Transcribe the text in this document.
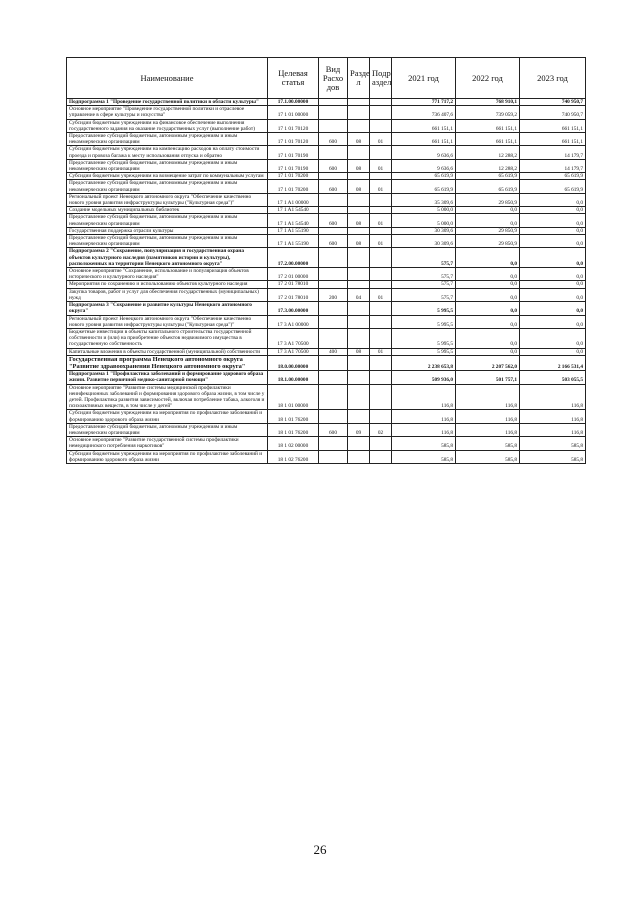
Наименование	Целевая статья	Вид Расхо дов	Разде л	Подр аздел	2021 год	2022 год	2023 год
Подпрограмма 1 "Проведение государственной политики в области культуры"	17.1.00.00000				771 717,2	768 910,1	740 950,7
Основное мероприятие "Проведение государственной политики и отраслевое управление в сфере культуры и искусства"	17 1 01 00000				736 407,6	739 059,2	740 950,7
Субсидии бюджетным учреждениям на финансовое обеспечение выполнения государственного задания на оказание государственных услуг (выполнение работ)	17 1 01 70120				661 151,1	661 151,1	661 151,1
Предоставление субсидий бюджетным, автономным учреждениям и иным некоммерческим организациям	17 1 01 70120	600	08	01	661 151,1	661 151,1	661 151,1
Субсидии бюджетным учреждениям на компенсацию расходов на оплату стоимости проезда и провоза багажа к месту использования отпуска и обратно	17 1 01 70190				9 636,6	12 288,2	14 179,7
Предоставление субсидий бюджетным, автономным учреждениям и иным некоммерческим организациям	17 1 01 70190	600	08	01	9 636,6	12 288,2	14 179,7
Субсидии бюджетным учреждениям на возмещение затрат по коммунальным услугам	17 1 01 70200				65 619,9	65 619,9	65 619,9
Предоставление субсидий бюджетным, автономным учреждениям и иным некоммерческим организациям	17 1 01 70200	600	08	01	65 619,9	65 619,9	65 619,9
Региональный проект Ненецкого автономного округа "Обеспечение качественно нового уровня развития инфраструктуры культуры ("Культурная среда")"	17 1 A1 00000				35 309,6	29 850,9	0,0
Создание модельных муниципальных библиотек	17 1 A1 54540				5 000,0	0,0	0,0
Предоставление субсидий бюджетным, автономным учреждениям и иным некоммерческим организациям	17 1 A1 54540	600	08	01	5 000,0	0,0	0,0
Государственная поддержка отрасли культуры	17 1 A1 55190				30 309,6	29 850,9	0,0
Предоставление субсидий бюджетным, автономным учреждениям и иным некоммерческим организациям	17 1 A1 55190	600	08	01	30 309,6	29 850,9	0,0
Подпрограмма 2 "Сохранение, популяризация и государственная охрана объектов культурного наследия (памятников истории и культуры), расположенных на территории Ненецкого автономного округа"	17.2.00.00000				575,7	0,0	0,0
Основное мероприятие "Сохранение, использование и популяризация объектов исторического и культурного наследия"	17 2 01 00000				575,7	0,0	0,0
Мероприятия по сохранению и использованию объектов культурного наследия	17 2 01 78010				575,7	0,0	0,0
Закупка товаров, работ и услуг для обеспечения государственных (муниципальных) нужд	17 2 01 78010	200	04	01	575,7	0,0	0,0
Подпрограмма 3 "Сохранение и развитие культуры Ненецкого автономного округа"	17.3.00.00000				5 995,5	0,0	0,0
Региональный проект Ненецкого автономного округа "Обеспечение качественно нового уровня развития инфраструктуры культуры ("Культурная среда")"	17 3 A1 00000				5 995,5	0,0	0,0
Бюджетные инвестиции в объекты капитального строительства государственной собственности и (или) на приобретение объектов недвижимого имущества в государственную собственность	17 3 A1 70500				5 995,5	0,0	0,0
Капитальные вложения в объекты государственной (муниципальной) собственности	17 3 A1 70500	400	08	01	5 995,5	0,0	0,0
Государственная программа Ненецкого автономного округа "Развитие здравоохранения Ненецкого автономного округа"	18.0.00.00000				2 238 653,8	2 207 562,0	2 166 531,4
Подпрограмма 1 "Профилактика заболеваний и формирование здорового образа жизни. Развитие первичной медико-санитарной помощи"	18.1.00.00000				509 936,0	501 757,1	503 055,5
Основное мероприятие "Развитие системы медицинской профилактики неинфекционных заболеваний и формирования здорового образа жизни, в том числе у детей. Профилактика развития зависимостей, включая потребление табака, алкоголя и психоактивных веществ, в том числе у детей"	18 1 01 00000				116,8	116,8	116,8
Субсидии бюджетным учреждениям на мероприятия по профилактике заболеваний и формированию здорового образа жизни	18 1 01 76200				116,8	116,8	116,8
Предоставление субсидий бюджетным, автономным учреждениям и иным некоммерческим организациям	18 1 01 76200	600	09	02	116,8	116,8	116,8
Основное мероприятие "Развитие государственной системы профилактики немедицинского потребления наркотиков"	18 1 02 00000				585,8	585,8	585,8
Субсидии бюджетным учреждениям на мероприятия по профилактике заболеваний и формированию здорового образа жизни	18 1 02 76200				585,8	585,8	585,8
26
